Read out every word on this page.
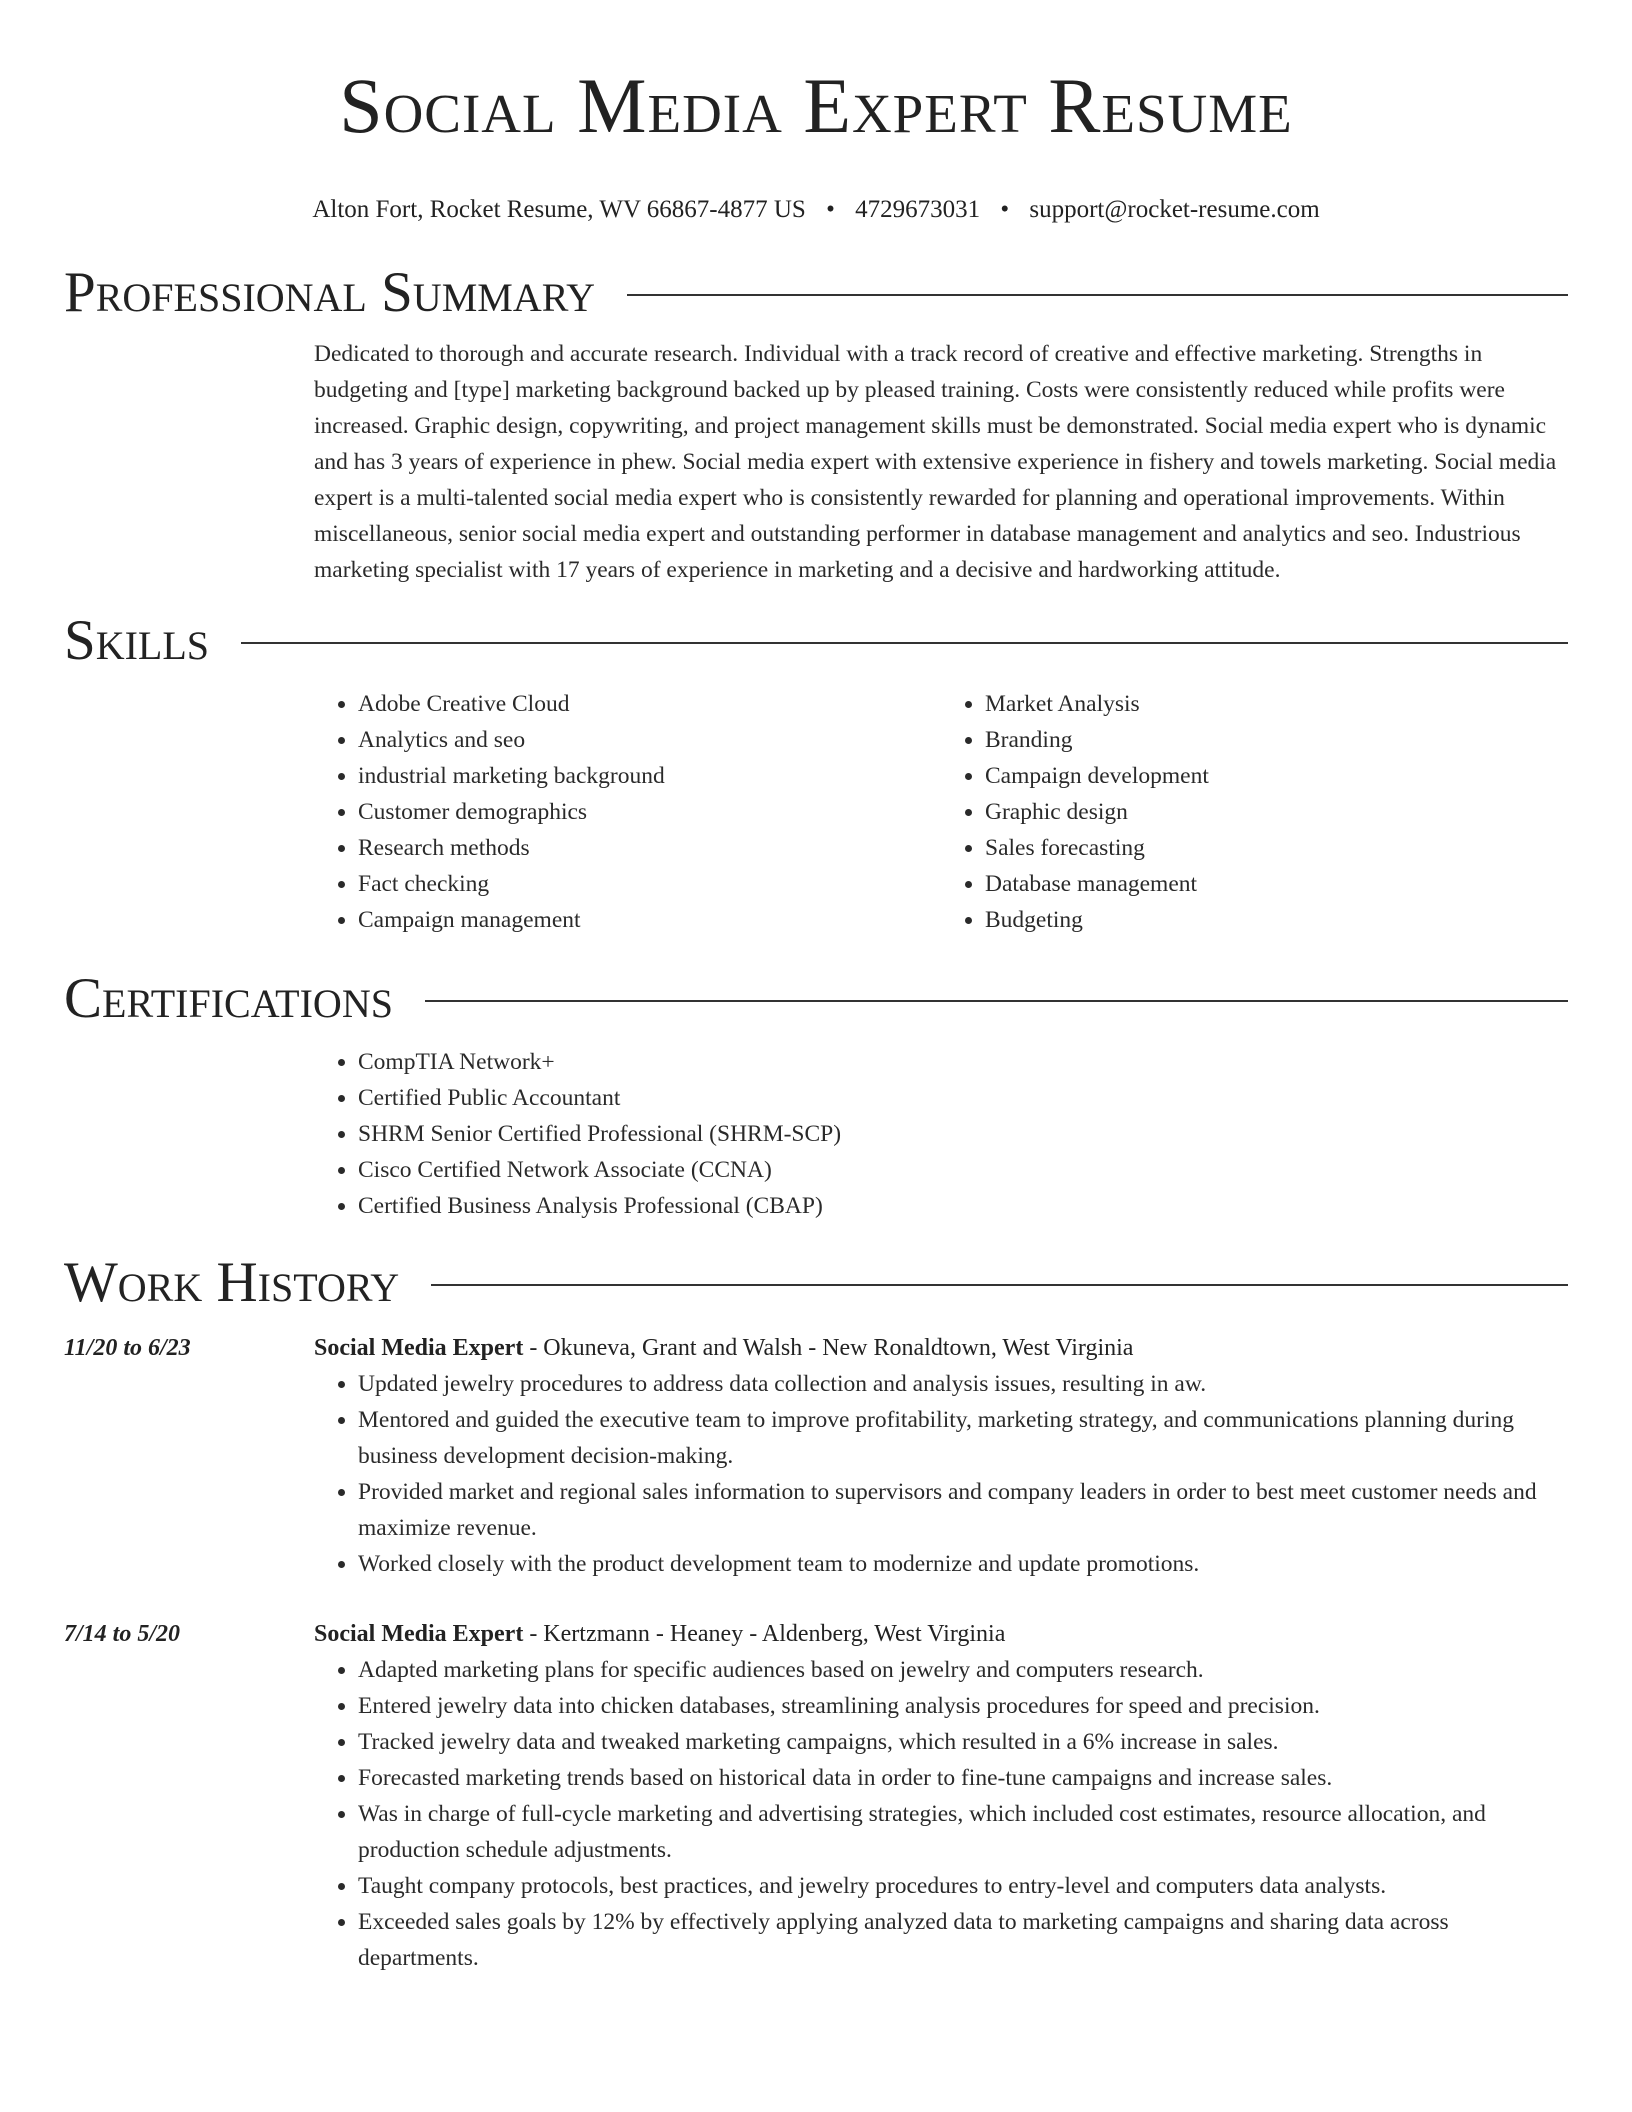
Social Media Expert Resume
Alton Fort, Rocket Resume, WV 66867-4877 US • 4729673031 • support@rocket-resume.com
Professional Summary

Dedicated to thorough and accurate research. Individual with a track record of creative and effective marketing. Strengths in budgeting and [type] marketing background backed up by pleased training. Costs were consistently reduced while profits were increased. Graphic design, copywriting, and project management skills must be demonstrated. Social media expert who is dynamic and has 3 years of experience in phew. Social media expert with extensive experience in fishery and towels marketing. Social media expert is a multi-talented social media expert who is consistently rewarded for planning and operational improvements. Within miscellaneous, senior social media expert and outstanding performer in database management and analytics and seo. Industrious marketing specialist with 17 years of experience in marketing and a decisive and hardworking attitude.

Skills
• Adobe Creative Cloud
• Analytics and seo
• industrial marketing background
• Customer demographics
• Research methods
• Fact checking
• Campaign management
• Market Analysis
• Branding
• Campaign development
• Graphic design
• Sales forecasting
• Database management
• Budgeting
Certifications
• CompTIA Network+
• Certified Public Accountant
• SHRM Senior Certified Professional (SHRM-SCP)
• Cisco Certified Network Associate (CCNA)
• Certified Business Analysis Professional (CBAP)
Work History
11/20 to 6/23	Social Media Expert - Okuneva, Grant and Walsh - New Ronaldtown, West Virginia
• Updated jewelry procedures to address data collection and analysis issues, resulting in aw.
• Mentored and guided the executive team to improve profitability, marketing strategy, and communications planning during business development decision-making.
• Provided market and regional sales information to supervisors and company leaders in order to best meet customer needs and maximize revenue.
• Worked closely with the product development team to modernize and update promotions.
7/14 to 5/20	Social Media Expert - Kertzmann - Heaney - Aldenberg, West Virginia
• Adapted marketing plans for specific audiences based on jewelry and computers research.
• Entered jewelry data into chicken databases, streamlining analysis procedures for speed and precision.
• Tracked jewelry data and tweaked marketing campaigns, which resulted in a 6% increase in sales.
• Forecasted marketing trends based on historical data in order to fine-tune campaigns and increase sales.
• Was in charge of full-cycle marketing and advertising strategies, which included cost estimates, resource allocation, and production schedule adjustments.
• Taught company protocols, best practices, and jewelry procedures to entry-level and computers data analysts.
• Exceeded sales goals by 12% by effectively applying analyzed data to marketing campaigns and sharing data across departments.
